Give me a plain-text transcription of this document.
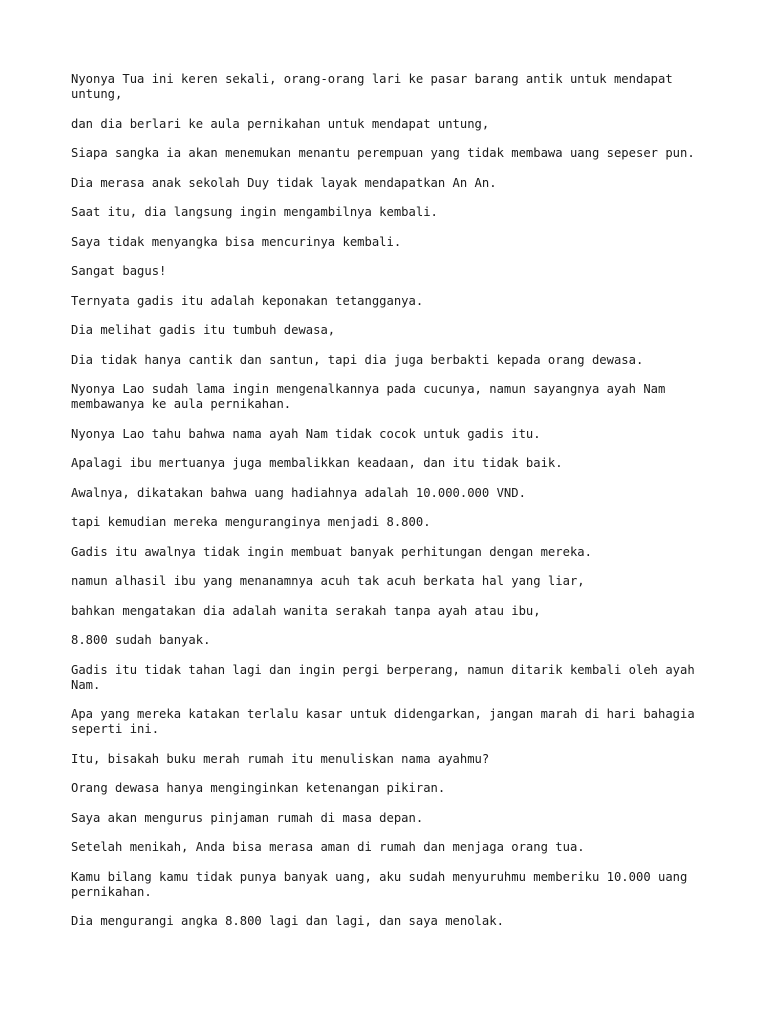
Nyonya Tua ini keren sekali, orang-orang lari ke pasar barang antik untuk mendapat untung,

dan dia berlari ke aula pernikahan untuk mendapat untung,

Siapa sangka ia akan menemukan menantu perempuan yang tidak membawa uang sepeser pun.

Dia merasa anak sekolah Duy tidak layak mendapatkan An An.

Saat itu, dia langsung ingin mengambilnya kembali.

Saya tidak menyangka bisa mencurinya kembali.

Sangat bagus!

Ternyata gadis itu adalah keponakan tetangganya.

Dia melihat gadis itu tumbuh dewasa,

Dia tidak hanya cantik dan santun, tapi dia juga berbakti kepada orang dewasa.

Nyonya Lao sudah lama ingin mengenalkannya pada cucunya, namun sayangnya ayah Nam membawanya ke aula pernikahan.

Nyonya Lao tahu bahwa nama ayah Nam tidak cocok untuk gadis itu.

Apalagi ibu mertuanya juga membalikkan keadaan, dan itu tidak baik.

Awalnya, dikatakan bahwa uang hadiahnya adalah 10.000.000 VND.

tapi kemudian mereka menguranginya menjadi 8.800.

Gadis itu awalnya tidak ingin membuat banyak perhitungan dengan mereka.

namun alhasil ibu yang menanamnya acuh tak acuh berkata hal yang liar,

bahkan mengatakan dia adalah wanita serakah tanpa ayah atau ibu,

8.800 sudah banyak.

Gadis itu tidak tahan lagi dan ingin pergi berperang, namun ditarik kembali oleh ayah Nam.

Apa yang mereka katakan terlalu kasar untuk didengarkan, jangan marah di hari bahagia seperti ini.

Itu, bisakah buku merah rumah itu menuliskan nama ayahmu?

Orang dewasa hanya menginginkan ketenangan pikiran.

Saya akan mengurus pinjaman rumah di masa depan.

Setelah menikah, Anda bisa merasa aman di rumah dan menjaga orang tua.

Kamu bilang kamu tidak punya banyak uang, aku sudah menyuruhmu memberiku 10.000 uang pernikahan.

Dia mengurangi angka 8.800 lagi dan lagi, dan saya menolak.
